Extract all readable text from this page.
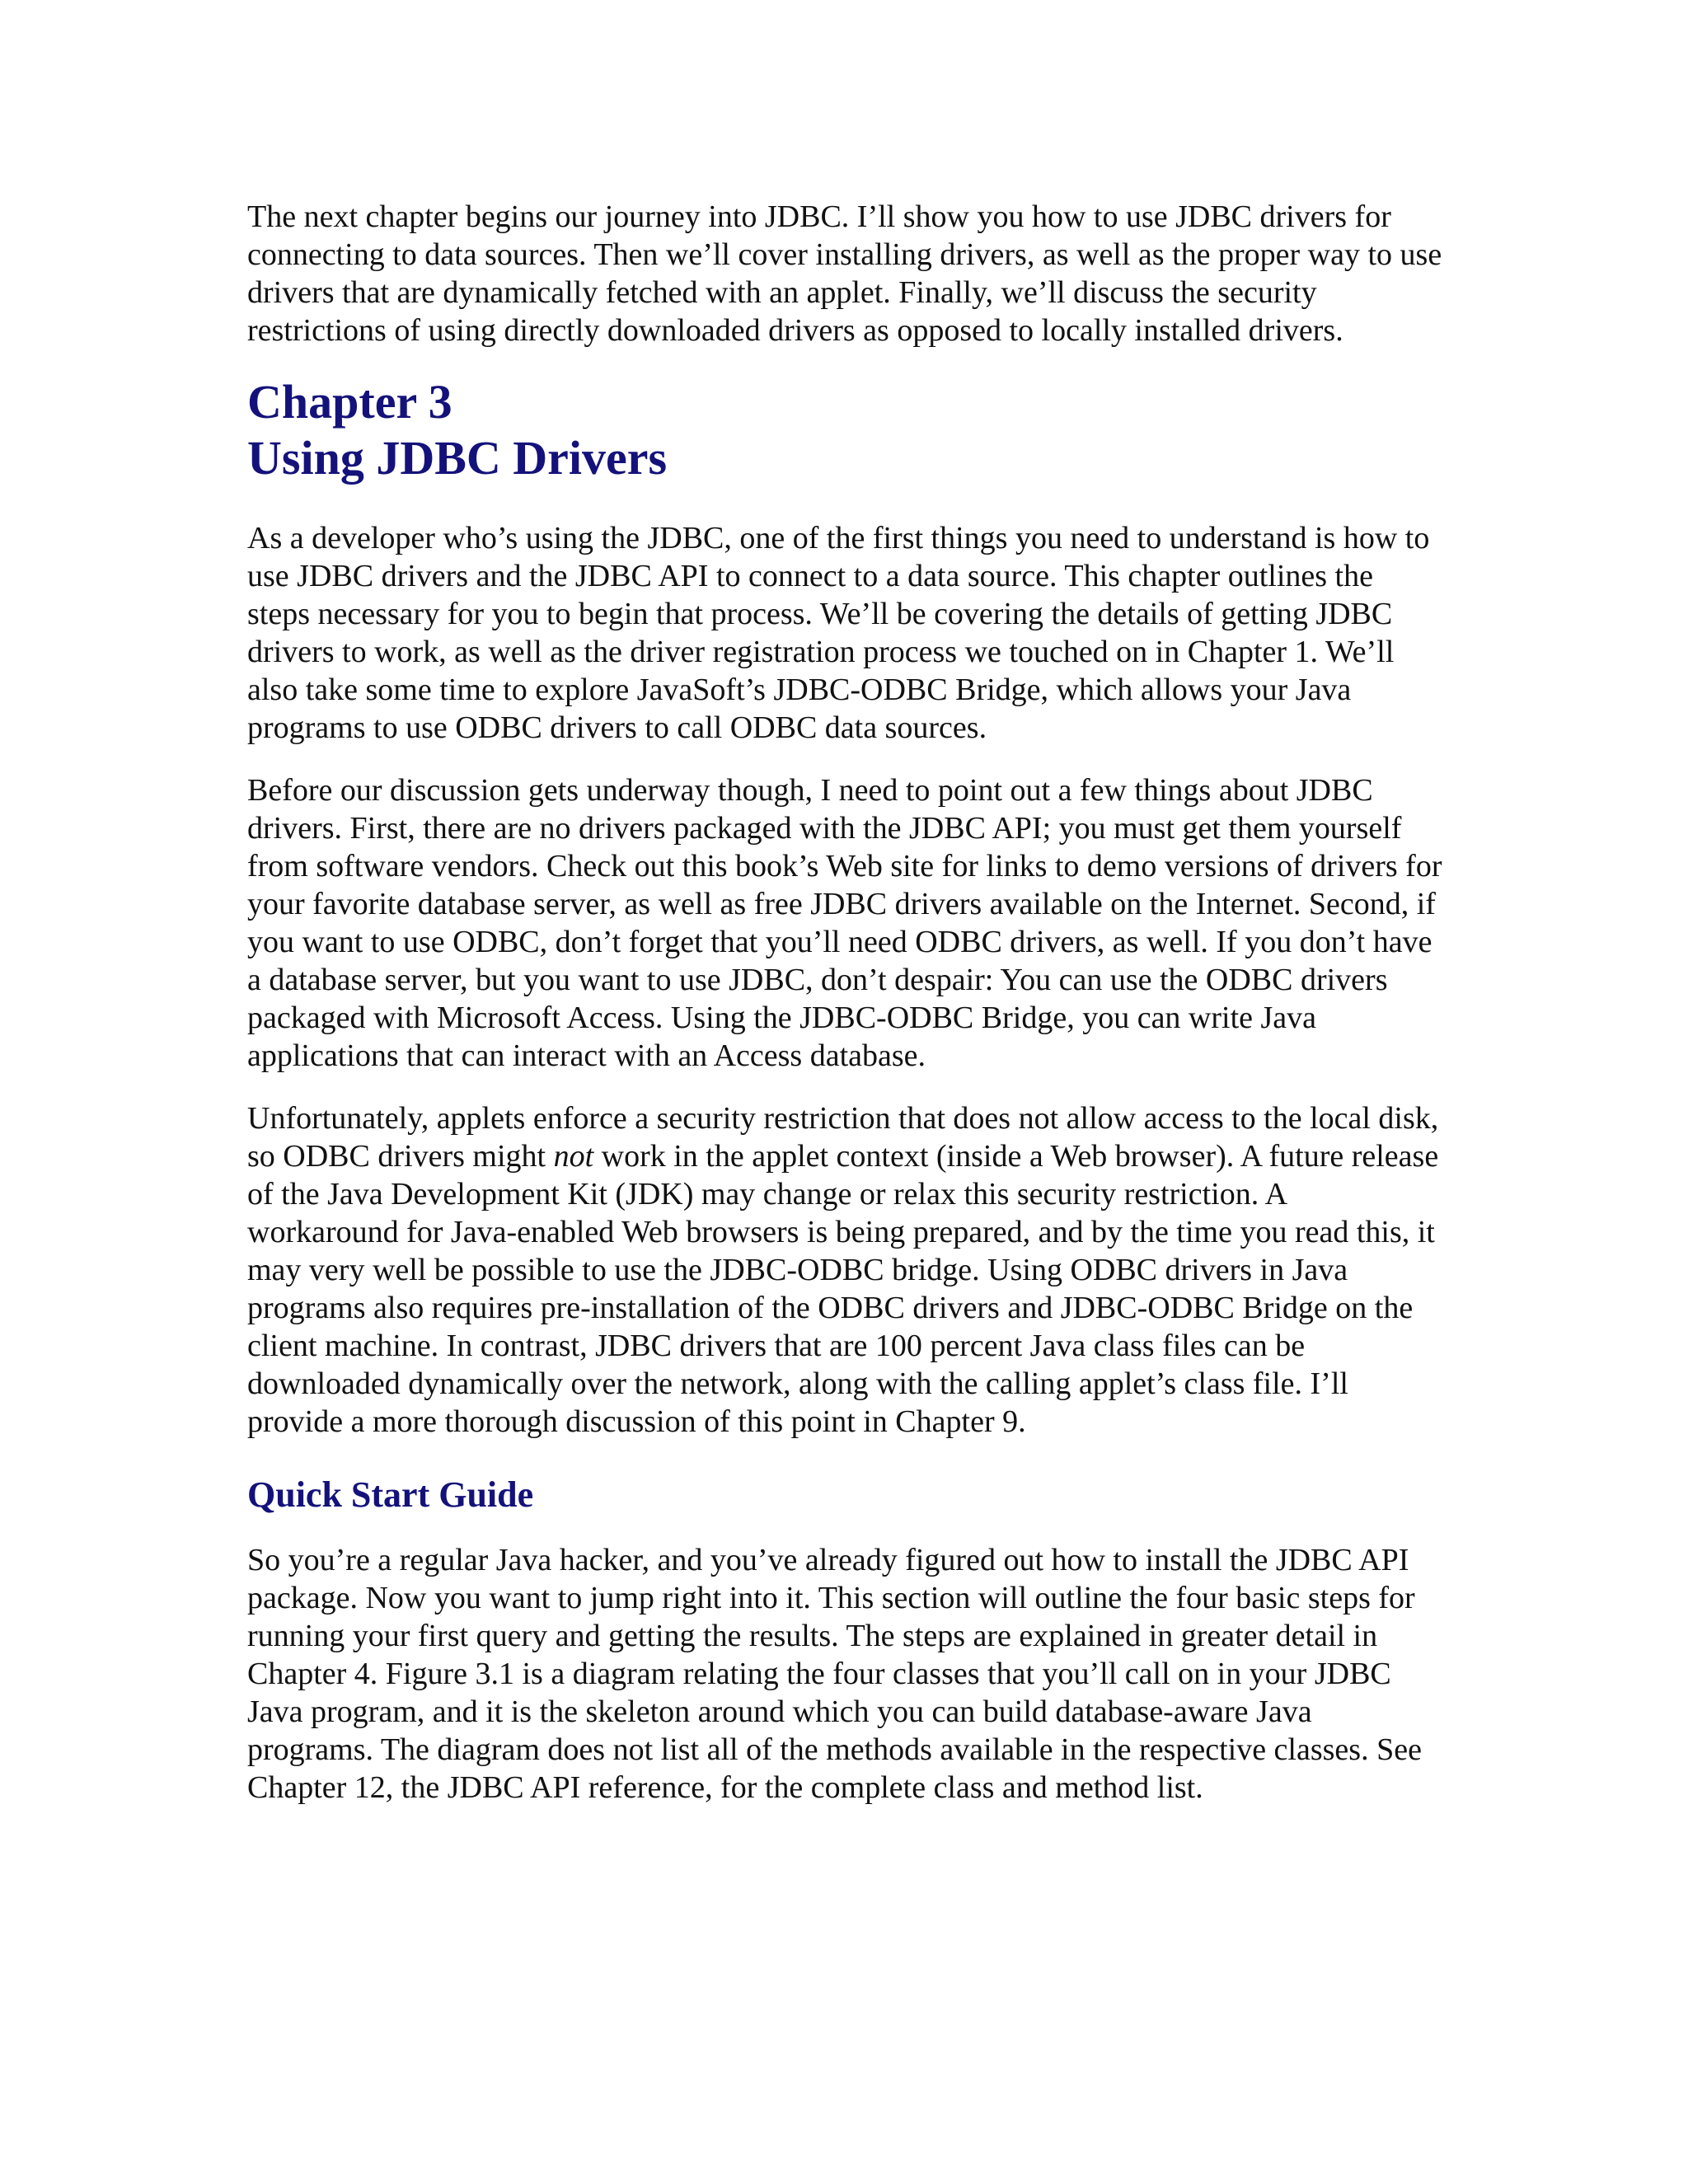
The next chapter begins our journey into JDBC. I’ll show you how to use JDBC drivers for connecting to data sources. Then we’ll cover installing drivers, as well as the proper way to use drivers that are dynamically fetched with an applet. Finally, we’ll discuss the security restrictions of using directly downloaded drivers as opposed to locally installed drivers.

Chapter 3
Using JDBC Drivers

As a developer who’s using the JDBC, one of the first things you need to understand is how to use JDBC drivers and the JDBC API to connect to a data source. This chapter outlines the steps necessary for you to begin that process. We’ll be covering the details of getting JDBC drivers to work, as well as the driver registration process we touched on in Chapter 1. We’ll also take some time to explore JavaSoft’s JDBC-ODBC Bridge, which allows your Java programs to use ODBC drivers to call ODBC data sources.

Before our discussion gets underway though, I need to point out a few things about JDBC drivers. First, there are no drivers packaged with the JDBC API; you must get them yourself from software vendors. Check out this book’s Web site for links to demo versions of drivers for your favorite database server, as well as free JDBC drivers available on the Internet. Second, if you want to use ODBC, don’t forget that you’ll need ODBC drivers, as well. If you don’t have a database server, but you want to use JDBC, don’t despair: You can use the ODBC drivers packaged with Microsoft Access. Using the JDBC-ODBC Bridge, you can write Java applications that can interact with an Access database.

Unfortunately, applets enforce a security restriction that does not allow access to the local disk, so ODBC drivers might not work in the applet context (inside a Web browser). A future release of the Java Development Kit (JDK) may change or relax this security restriction. A workaround for Java-enabled Web browsers is being prepared, and by the time you read this, it may very well be possible to use the JDBC-ODBC bridge. Using ODBC drivers in Java programs also requires pre-installation of the ODBC drivers and JDBC-ODBC Bridge on the client machine. In contrast, JDBC drivers that are 100 percent Java class files can be downloaded dynamically over the network, along with the calling applet’s class file. I’ll provide a more thorough discussion of this point in Chapter 9.

Quick Start Guide

So you’re a regular Java hacker, and you’ve already figured out how to install the JDBC API package. Now you want to jump right into it. This section will outline the four basic steps for running your first query and getting the results. The steps are explained in greater detail in Chapter 4. Figure 3.1 is a diagram relating the four classes that you’ll call on in your JDBC Java program, and it is the skeleton around which you can build database-aware Java programs. The diagram does not list all of the methods available in the respective classes. See Chapter 12, the JDBC API reference, for the complete class and method list.
